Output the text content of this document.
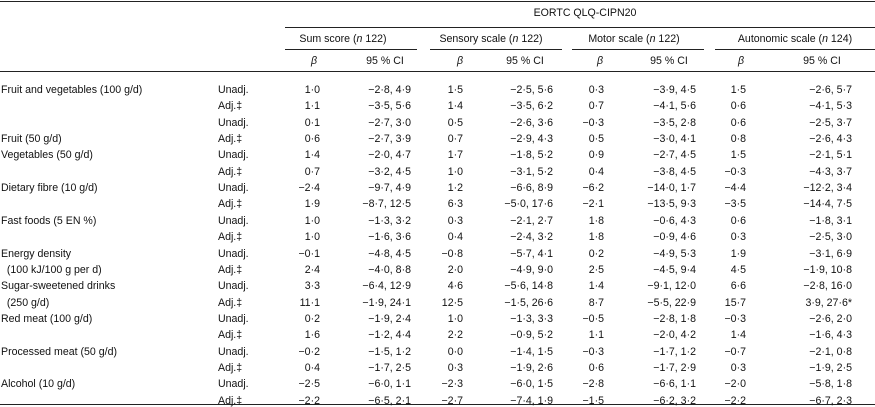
EORTC QLQ-CIPN20
Sum score (n 122)	Sensory scale (n 122)	Motor scale (n 122)	Autonomic scale (n 124)
β	95 % CI	β	95 % CI	β	95 % CI	β	95 % CI
Fruit and vegetables (100 g/d)	Unadj.	1·0	−2·8, 4·9	1·5	−2·5, 5·6	0·3	−3·9, 4·5	1·5	−2·6, 5·7
Adj.‡	1·1	−3·5, 5·6	1·4	−3·5, 6·2	0·7	−4·1, 5·6	0·6	−4·1, 5·3
Unadj.	0·1	−2·7, 3·0	0·5	−2·6, 3·6	−0·3	−3·5, 2·8	0·6	−2·5, 3·7
Fruit (50 g/d)	Adj.‡	0·6	−2·7, 3·9	0·7	−2·9, 4·3	0·5	−3·0, 4·1	0·8	−2·6, 4·3
Vegetables (50 g/d)	Unadj.	1·4	−2·0, 4·7	1·7	−1·8, 5·2	0·9	−2·7, 4·5	1·5	−2·1, 5·1
Adj.‡	0·7	−3·2, 4·5	1·0	−3·1, 5·2	0·4	−3·8, 4·5	−0·3	−4·3, 3·7
Dietary fibre (10 g/d)	Unadj.	−2·4	−9·7, 4·9	1·2	−6·6, 8·9	−6·2	−14·0, 1·7	−4·4	−12·2, 3·4
Adj.‡	1·9	−8·7, 12·5	6·3	−5·0, 17·6	−2·1	−13·5, 9·3	−3·5	−14·4, 7·5
Fast foods (5 EN %)	Unadj.	1·0	−1·3, 3·2	0·3	−2·1, 2·7	1·8	−0·6, 4·3	0·6	−1·8, 3·1
Adj.‡	1·0	−1·6, 3·6	0·4	−2·4, 3·2	1·8	−0·9, 4·6	0·3	−2·5, 3·0
Energy density	Unadj.	−0·1	−4·8, 4·5	−0·8	−5·7, 4·1	0·2	−4·9, 5·3	1·9	−3·1, 6·9
(100 kJ/100 g per d)	Adj.‡	2·4	−4·0, 8·8	2·0	−4·9, 9·0	2·5	−4·5, 9·4	4·5	−1·9, 10·8
Sugar-sweetened drinks	Unadj.	3·3	−6·4, 12·9	4·6	−5·6, 14·8	1·4	−9·1, 12·0	6·6	−2·8, 16·0
(250 g/d)	Adj.‡	11·1	−1·9, 24·1	12·5	−1·5, 26·6	8·7	−5·5, 22·9	15·7	3·9, 27·6*
Red meat (100 g/d)	Unadj.	0·2	−1·9, 2·4	1·0	−1·3, 3·3	−0·5	−2·8, 1·8	−0·3	−2·6, 2·0
Adj.‡	1·6	−1·2, 4·4	2·2	−0·9, 5·2	1·1	−2·0, 4·2	1·4	−1·6, 4·3
Processed meat (50 g/d)	Unadj.	−0·2	−1·5, 1·2	0·0	−1·4, 1·5	−0·3	−1·7, 1·2	−0·7	−2·1, 0·8
Adj.‡	0·4	−1·7, 2·5	0·3	−1·9, 2·6	0·6	−1·7, 2·9	0·3	−1·9, 2·5
Alcohol (10 g/d)	Unadj.	−2·5	−6·0, 1·1	−2·3	−6·0, 1·5	−2·8	−6·6, 1·1	−2·0	−5·8, 1·8
Adj.‡	−2·2	−6·5, 2·1	−2·7	−7·4, 1·9	−1·5	−6·2, 3·2	−2·2	−6·7, 2·3
